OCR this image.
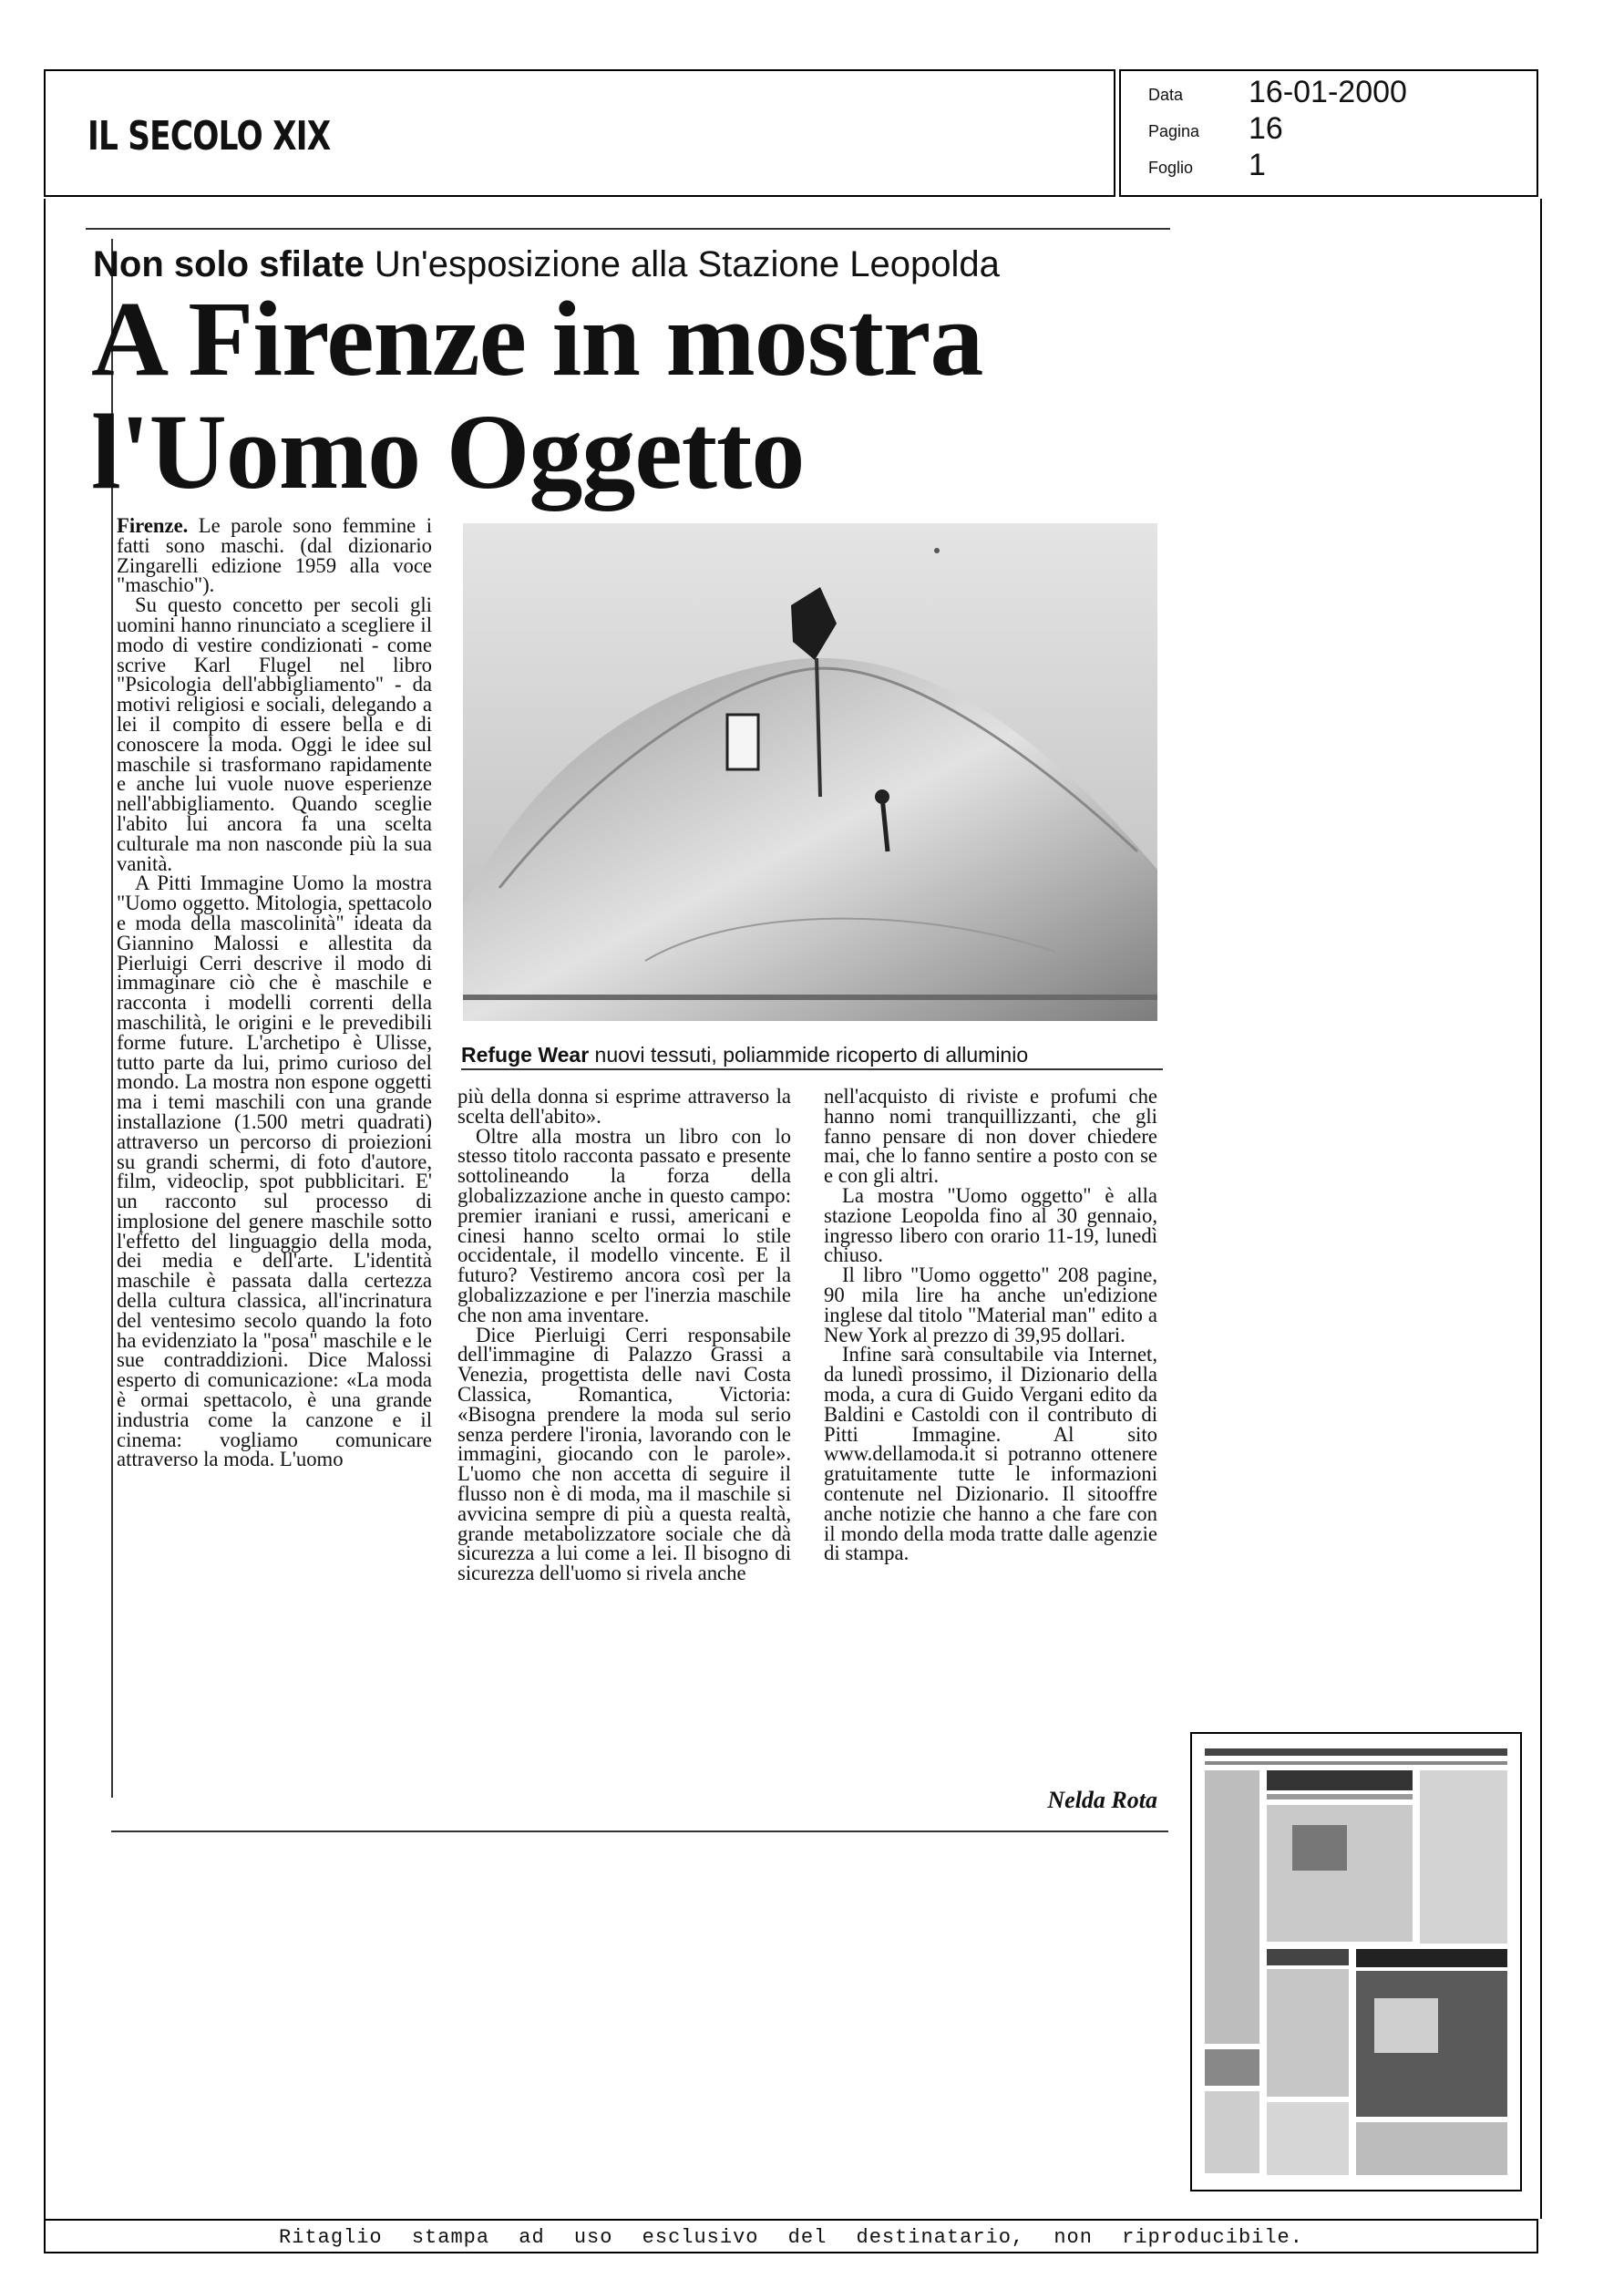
IL SECOLO XIX
Data 16-01-2000
Pagina 16
Foglio 1
Non solo sfilate Un'esposizione alla Stazione Leopolda
A Firenze in mostra
l'Uomo Oggetto

Firenze. Le parole sono femmine i fatti sono maschi. (dal dizionario Zingarelli edizione 1959 alla voce "maschio").

Su questo concetto per secoli gli uomini hanno rinunciato a scegliere il modo di vestire condizionati - come scrive Karl Flugel nel libro "Psicologia dell'abbigliamento" - da motivi religiosi e sociali, delegando a lei il compito di essere bella e di conoscere la moda. Oggi le idee sul maschile si trasformano rapidamente e anche lui vuole nuove esperienze nell'abbigliamento. Quando sceglie l'abito lui ancora fa una scelta culturale ma non nasconde più la sua vanità.

A Pitti Immagine Uomo la mostra "Uomo oggetto. Mitologia, spettacolo e moda della mascolinità" ideata da Giannino Malossi e allestita da Pierluigi Cerri descrive il modo di immaginare ciò che è maschile e racconta i modelli correnti della maschilità, le origini e le prevedibili forme future. L'archetipo è Ulisse, tutto parte da lui, primo curioso del mondo. La mostra non espone oggetti ma i temi maschili con una grande installazione (1.500 metri quadrati) attraverso un percorso di proiezioni su grandi schermi, di foto d'autore, film, videoclip, spot pubblicitari. E' un racconto sul processo di implosione del genere maschile sotto l'effetto del linguaggio della moda, dei media e dell'arte. L'identità maschile è passata dalla certezza della cultura classica, all'incrinatura del ventesimo secolo quando la foto ha evidenziato la "posa" maschile e le sue contraddizioni. Dice Malossi esperto di comunicazione: «La moda è ormai spettacolo, è una grande industria come la canzone e il cinema: vogliamo comunicare attraverso la moda. L'uomo

Refuge Wear nuovi tessuti, poliammide ricoperto di alluminio

più della donna si esprime attraverso la scelta dell'abito».

Oltre alla mostra un libro con lo stesso titolo racconta passato e presente sottolineando la forza della globalizzazione anche in questo campo: premier iraniani e russi, americani e cinesi hanno scelto ormai lo stile occidentale, il modello vincente. E il futuro? Vestiremo ancora così per la globalizzazione e per l'inerzia maschile che non ama inventare.

Dice Pierluigi Cerri responsabile dell'immagine di Palazzo Grassi a Venezia, progettista delle navi Costa Classica, Romantica, Victoria: «Bisogna prendere la moda sul serio senza perdere l'ironia, lavorando con le immagini, giocando con le parole». L'uomo che non accetta di seguire il flusso non è di moda, ma il maschile si avvicina sempre di più a questa realtà, grande metabolizzatore sociale che dà sicurezza a lui come a lei. Il bisogno di sicurezza dell'uomo si rivela anche

nell'acquisto di riviste e profumi che hanno nomi tranquillizzanti, che gli fanno pensare di non dover chiedere mai, che lo fanno sentire a posto con se e con gli altri.

La mostra "Uomo oggetto" è alla stazione Leopolda fino al 30 gennaio, ingresso libero con orario 11-19, lunedì chiuso.

Il libro "Uomo oggetto" 208 pagine, 90 mila lire ha anche un'edizione inglese dal titolo "Material man" edito a New York al prezzo di 39,95 dollari.

Infine sarà consultabile via Internet, da lunedì prossimo, il Dizionario della moda, a cura di Guido Vergani edito da Baldini e Castoldi con il contributo di Pitti Immagine. Al sito www.dellamoda.it si potranno ottenere gratuitamente tutte le informazioni contenute nel Dizionario. Il sitooffre anche notizie che hanno a che fare con il mondo della moda tratte dalle agenzie di stampa.

Nelda Rota
Ritaglio stampa ad uso esclusivo del destinatario, non riproducibile.
